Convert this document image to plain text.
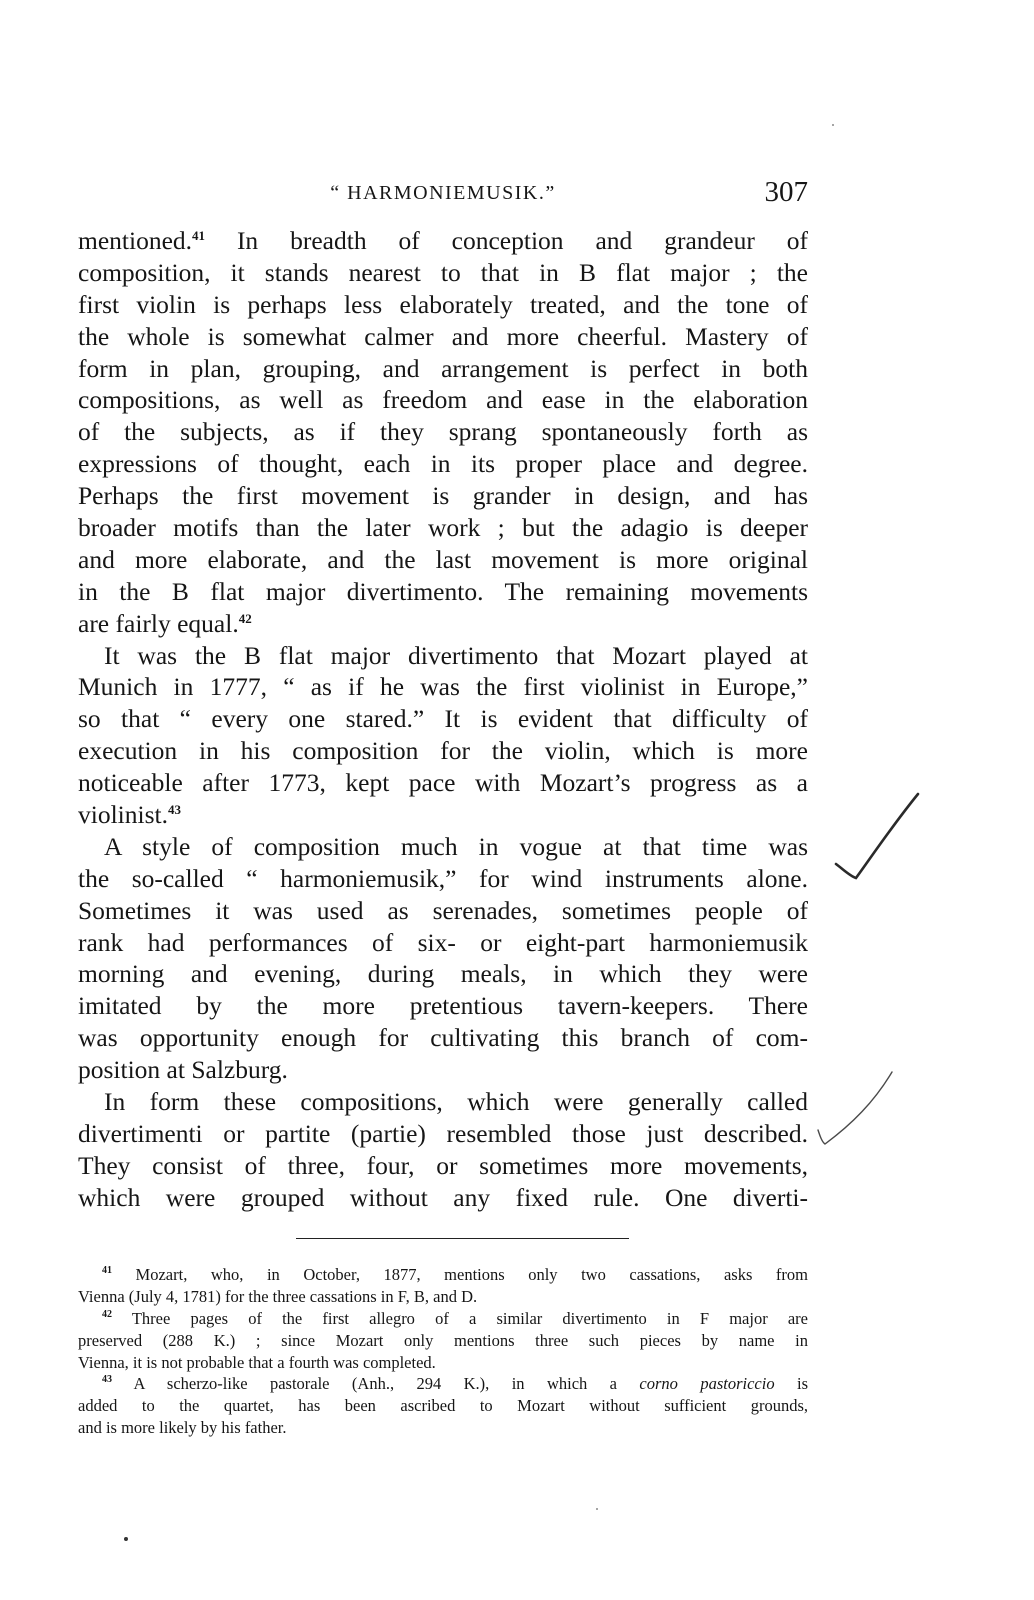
“ HARMONIEMUSIK.”	307
mentioned.$^{41}$ In breadth of conception and grandeur of
composition, it stands nearest to that in B flat major ; the
first violin is perhaps less elaborately treated, and the tone of
the whole is somewhat calmer and more cheerful. Mastery of
form in plan, grouping, and arrangement is perfect in both
compositions, as well as freedom and ease in the elaboration
of the subjects, as if they sprang spontaneously forth as
expressions of thought, each in its proper place and degree.
Perhaps the first movement is grander in design, and has
broader motifs than the later work ; but the adagio is deeper
and more elaborate, and the last movement is more original
in the B flat major divertimento. The remaining movements
are fairly equal.$^{42}$
It was the B flat major divertimento that Mozart played at
Munich in 1777, “ as if he was the first violinist in Europe,”
so that “ every one stared.” It is evident that difficulty of
execution in his composition for the violin, which is more
noticeable after 1773, kept pace with Mozart’s progress as a
violinist.$^{43}$
A style of composition much in vogue at that time was
the so-called “ harmoniemusik,” for wind instruments alone.
Sometimes it was used as serenades, sometimes people of
rank had performances of six- or eight-part harmoniemusik
morning and evening, during meals, in which they were
imitated by the more pretentious tavern-keepers. There
was opportunity enough for cultivating this branch of com-
position at Salzburg.
In form these compositions, which were generally called
divertimenti or partite (partie) resembled those just described.
They consist of three, four, or sometimes more movements,
which were grouped without any fixed rule. One diverti-
$^{41}$ Mozart, who, in October, 1877, mentions only two cassations, asks from
Vienna (July 4, 1781) for the three cassations in F, B, and D.
$^{42}$ Three pages of the first allegro of a similar divertimento in F major are
preserved (288 K.) ; since Mozart only mentions three such pieces by name in
Vienna, it is not probable that a fourth was completed.
$^{43}$ A scherzo-like pastorale (Anh., 294 K.), in which a corno pastoriccio is
added to the quartet, has been ascribed to Mozart without sufficient grounds,
and is more likely by his father.
